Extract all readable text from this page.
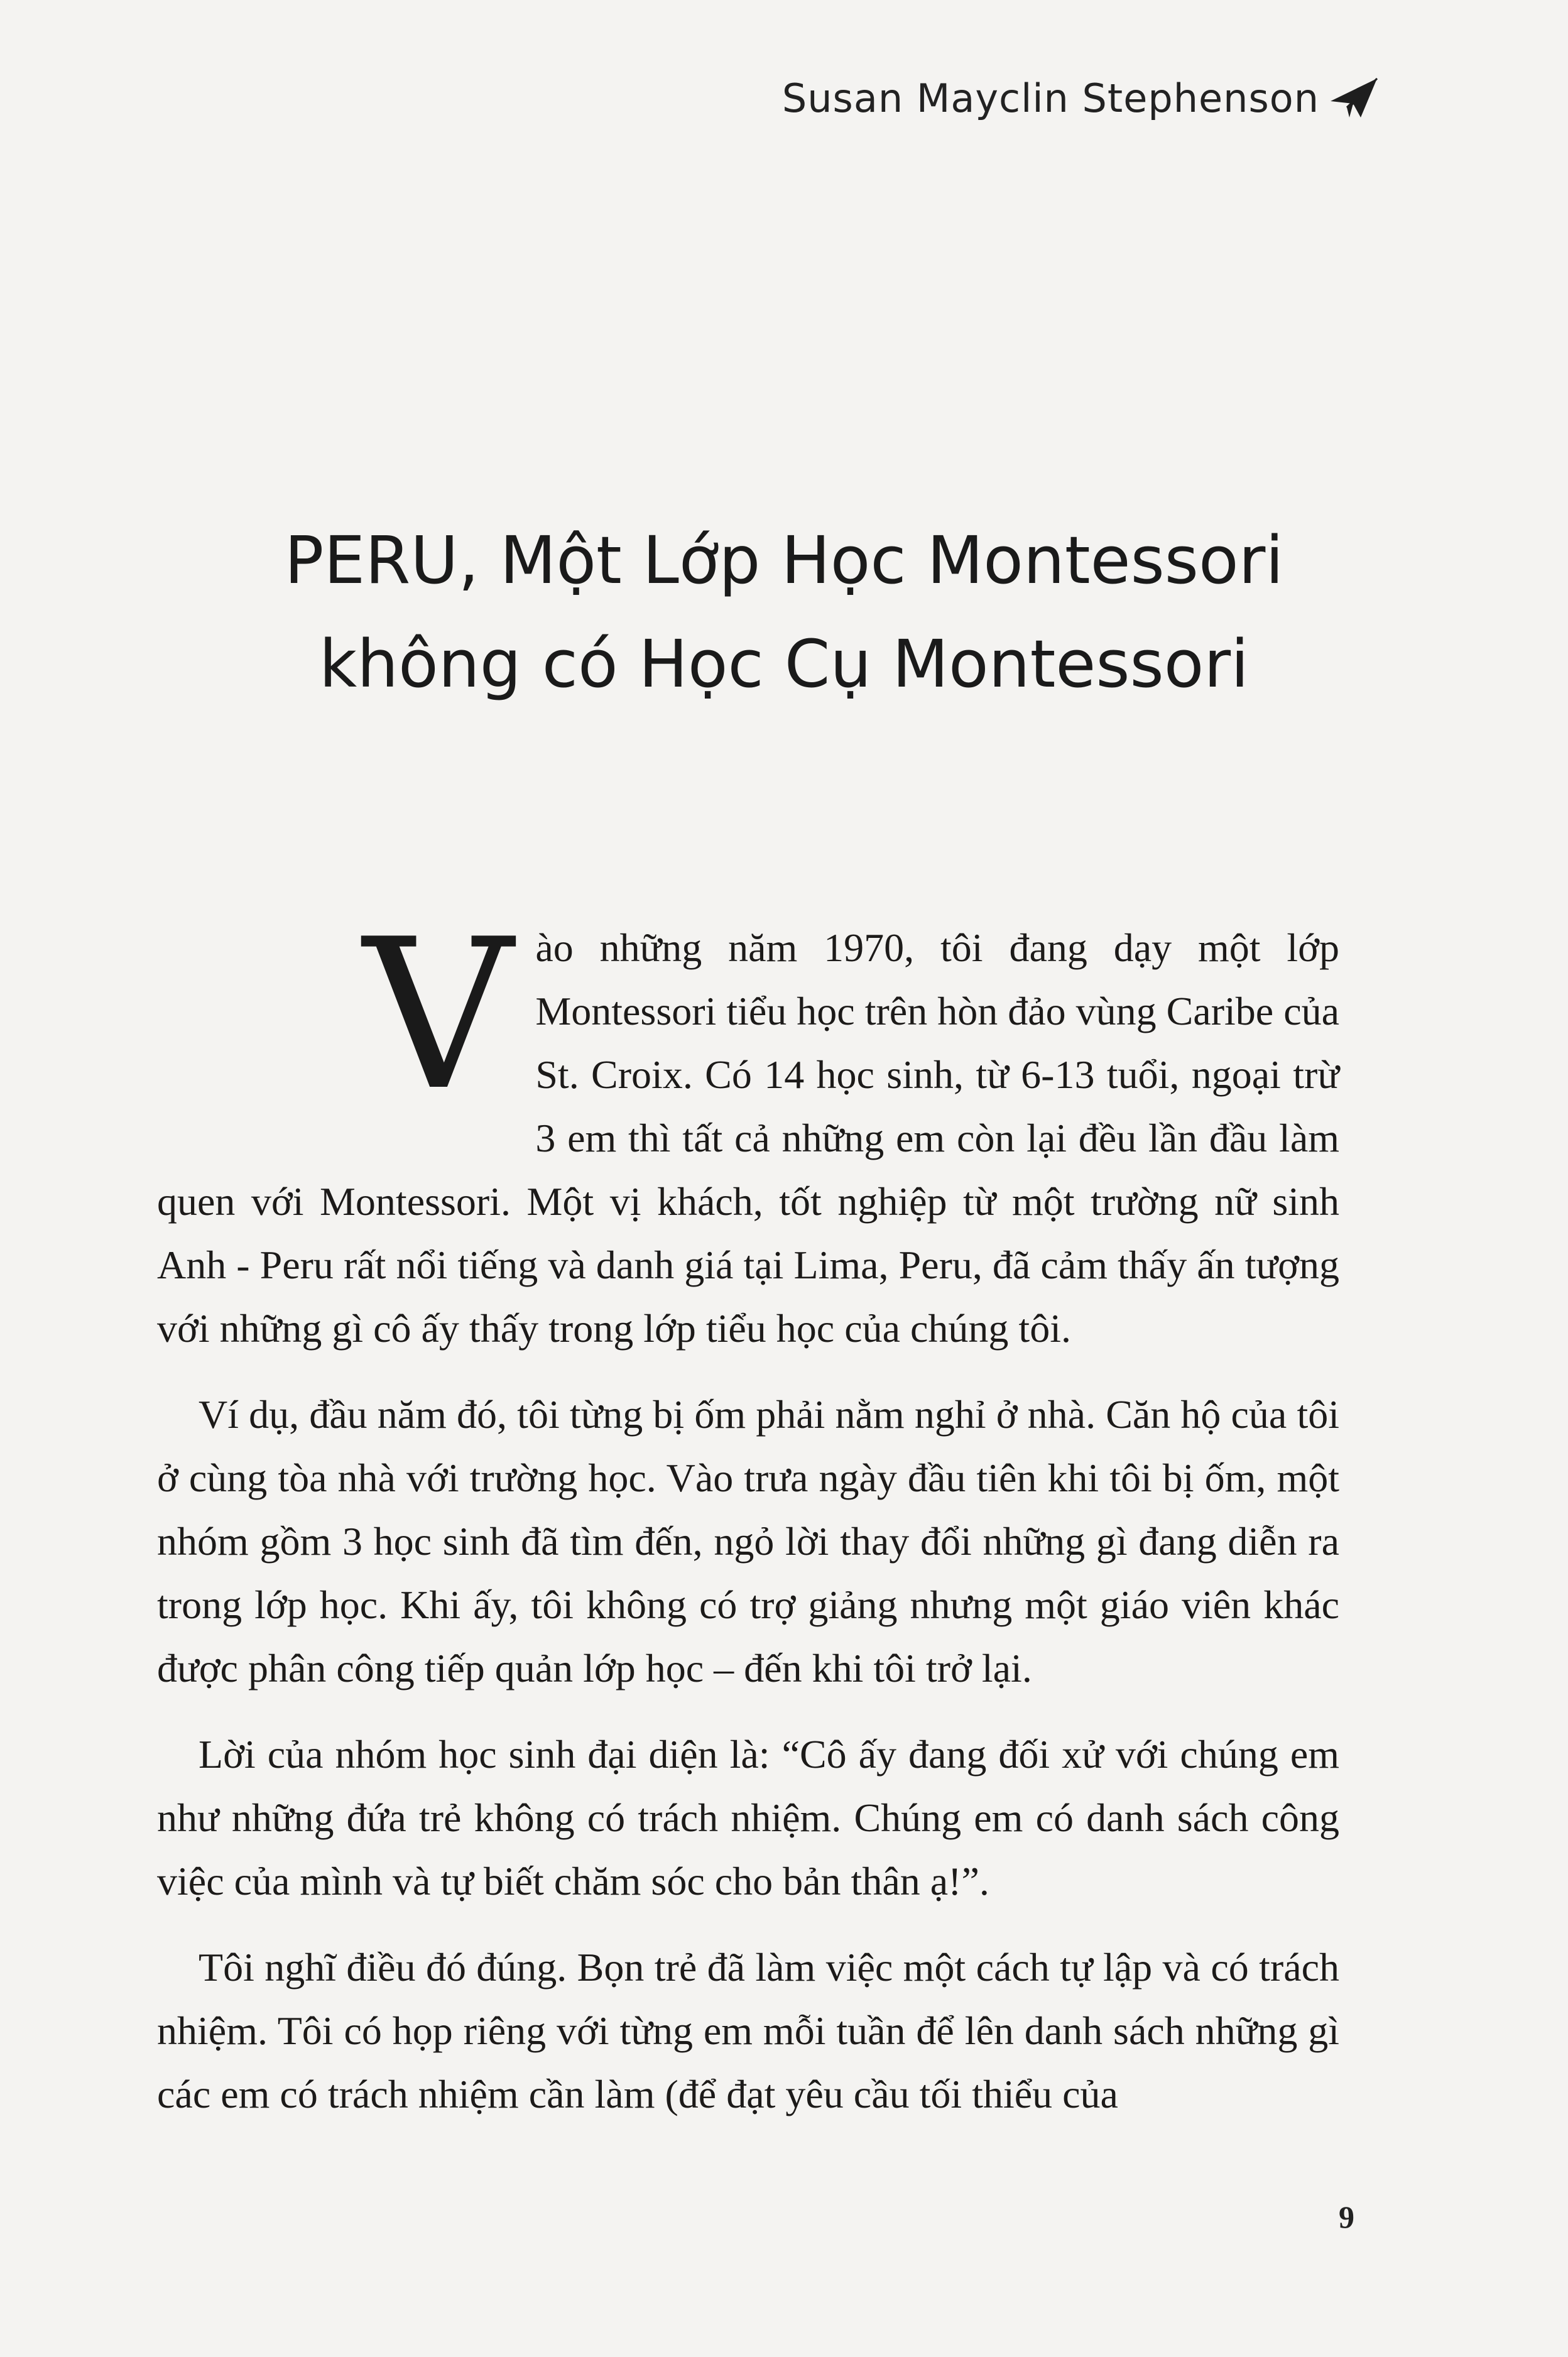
Susan Mayclin Stephenson
PERU, Một Lớp Học Montessori
không có Học Cụ Montessori

V ào những năm 1970, tôi đang dạy một lớp Montessori tiểu học trên hòn đảo vùng Caribe của St. Croix. Có 14 học sinh, từ 6-13 tuổi, ngoại trừ 3 em thì tất cả những em còn lại đều lần đầu làm quen với Montessori. Một vị khách, tốt nghiệp từ một trường nữ sinh Anh - Peru rất nổi tiếng và danh giá tại Lima, Peru, đã cảm thấy ấn tượng với những gì cô ấy thấy trong lớp tiểu học của chúng tôi.

Ví dụ, đầu năm đó, tôi từng bị ốm phải nằm nghỉ ở nhà. Căn hộ của tôi ở cùng tòa nhà với trường học. Vào trưa ngày đầu tiên khi tôi bị ốm, một nhóm gồm 3 học sinh đã tìm đến, ngỏ lời thay đổi những gì đang diễn ra trong lớp học. Khi ấy, tôi không có trợ giảng nhưng một giáo viên khác được phân công tiếp quản lớp học – đến khi tôi trở lại.

Lời của nhóm học sinh đại diện là: “Cô ấy đang đối xử với chúng em như những đứa trẻ không có trách nhiệm. Chúng em có danh sách công việc của mình và tự biết chăm sóc cho bản thân ạ!”.

Tôi nghĩ điều đó đúng. Bọn trẻ đã làm việc một cách tự lập và có trách nhiệm. Tôi có họp riêng với từng em mỗi tuần để lên danh sách những gì các em có trách nhiệm cần làm (để đạt yêu cầu tối thiểu của

9
